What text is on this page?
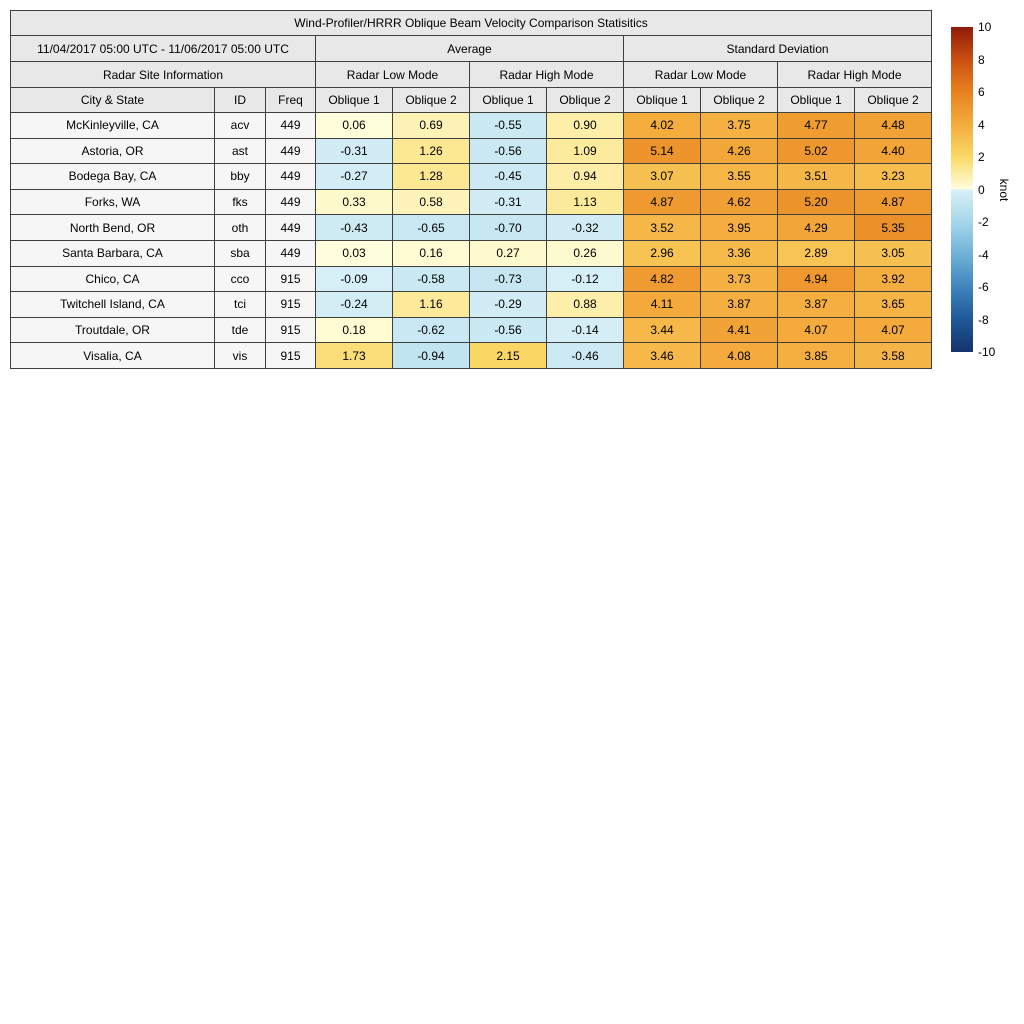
Wind-Profiler/HRRR Oblique Beam Velocity Comparison Statisitics										
11/04/2017 05:00 UTC - 11/06/2017 05:00 UTC			Average				Standard Deviation			
Radar Site Information			Radar Low Mode		Radar High Mode		Radar Low Mode		Radar High Mode	
City & State	ID	Freq	Oblique 1	Oblique 2	Oblique 1	Oblique 2	Oblique 1	Oblique 2	Oblique 1	Oblique 2
McKinleyville, CA	acv	449	0.06	0.69	-0.55	0.90	4.02	3.75	4.77	4.48
Astoria, OR	ast	449	-0.31	1.26	-0.56	1.09	5.14	4.26	5.02	4.40
Bodega Bay, CA	bby	449	-0.27	1.28	-0.45	0.94	3.07	3.55	3.51	3.23
Forks, WA	fks	449	0.33	0.58	-0.31	1.13	4.87	4.62	5.20	4.87
North Bend, OR	oth	449	-0.43	-0.65	-0.70	-0.32	3.52	3.95	4.29	5.35
Santa Barbara, CA	sba	449	0.03	0.16	0.27	0.26	2.96	3.36	2.89	3.05
Chico, CA	cco	915	-0.09	-0.58	-0.73	-0.12	4.82	3.73	4.94	3.92
Twitchell Island, CA	tci	915	-0.24	1.16	-0.29	0.88	4.11	3.87	3.87	3.65
Troutdale, OR	tde	915	0.18	-0.62	-0.56	-0.14	3.44	4.41	4.07	4.07
Visalia, CA	vis	915	1.73	-0.94	2.15	-0.46	3.46	4.08	3.85	3.58
10
8
6
4
2
0
-2
-4
-6
-8
-10
knot
